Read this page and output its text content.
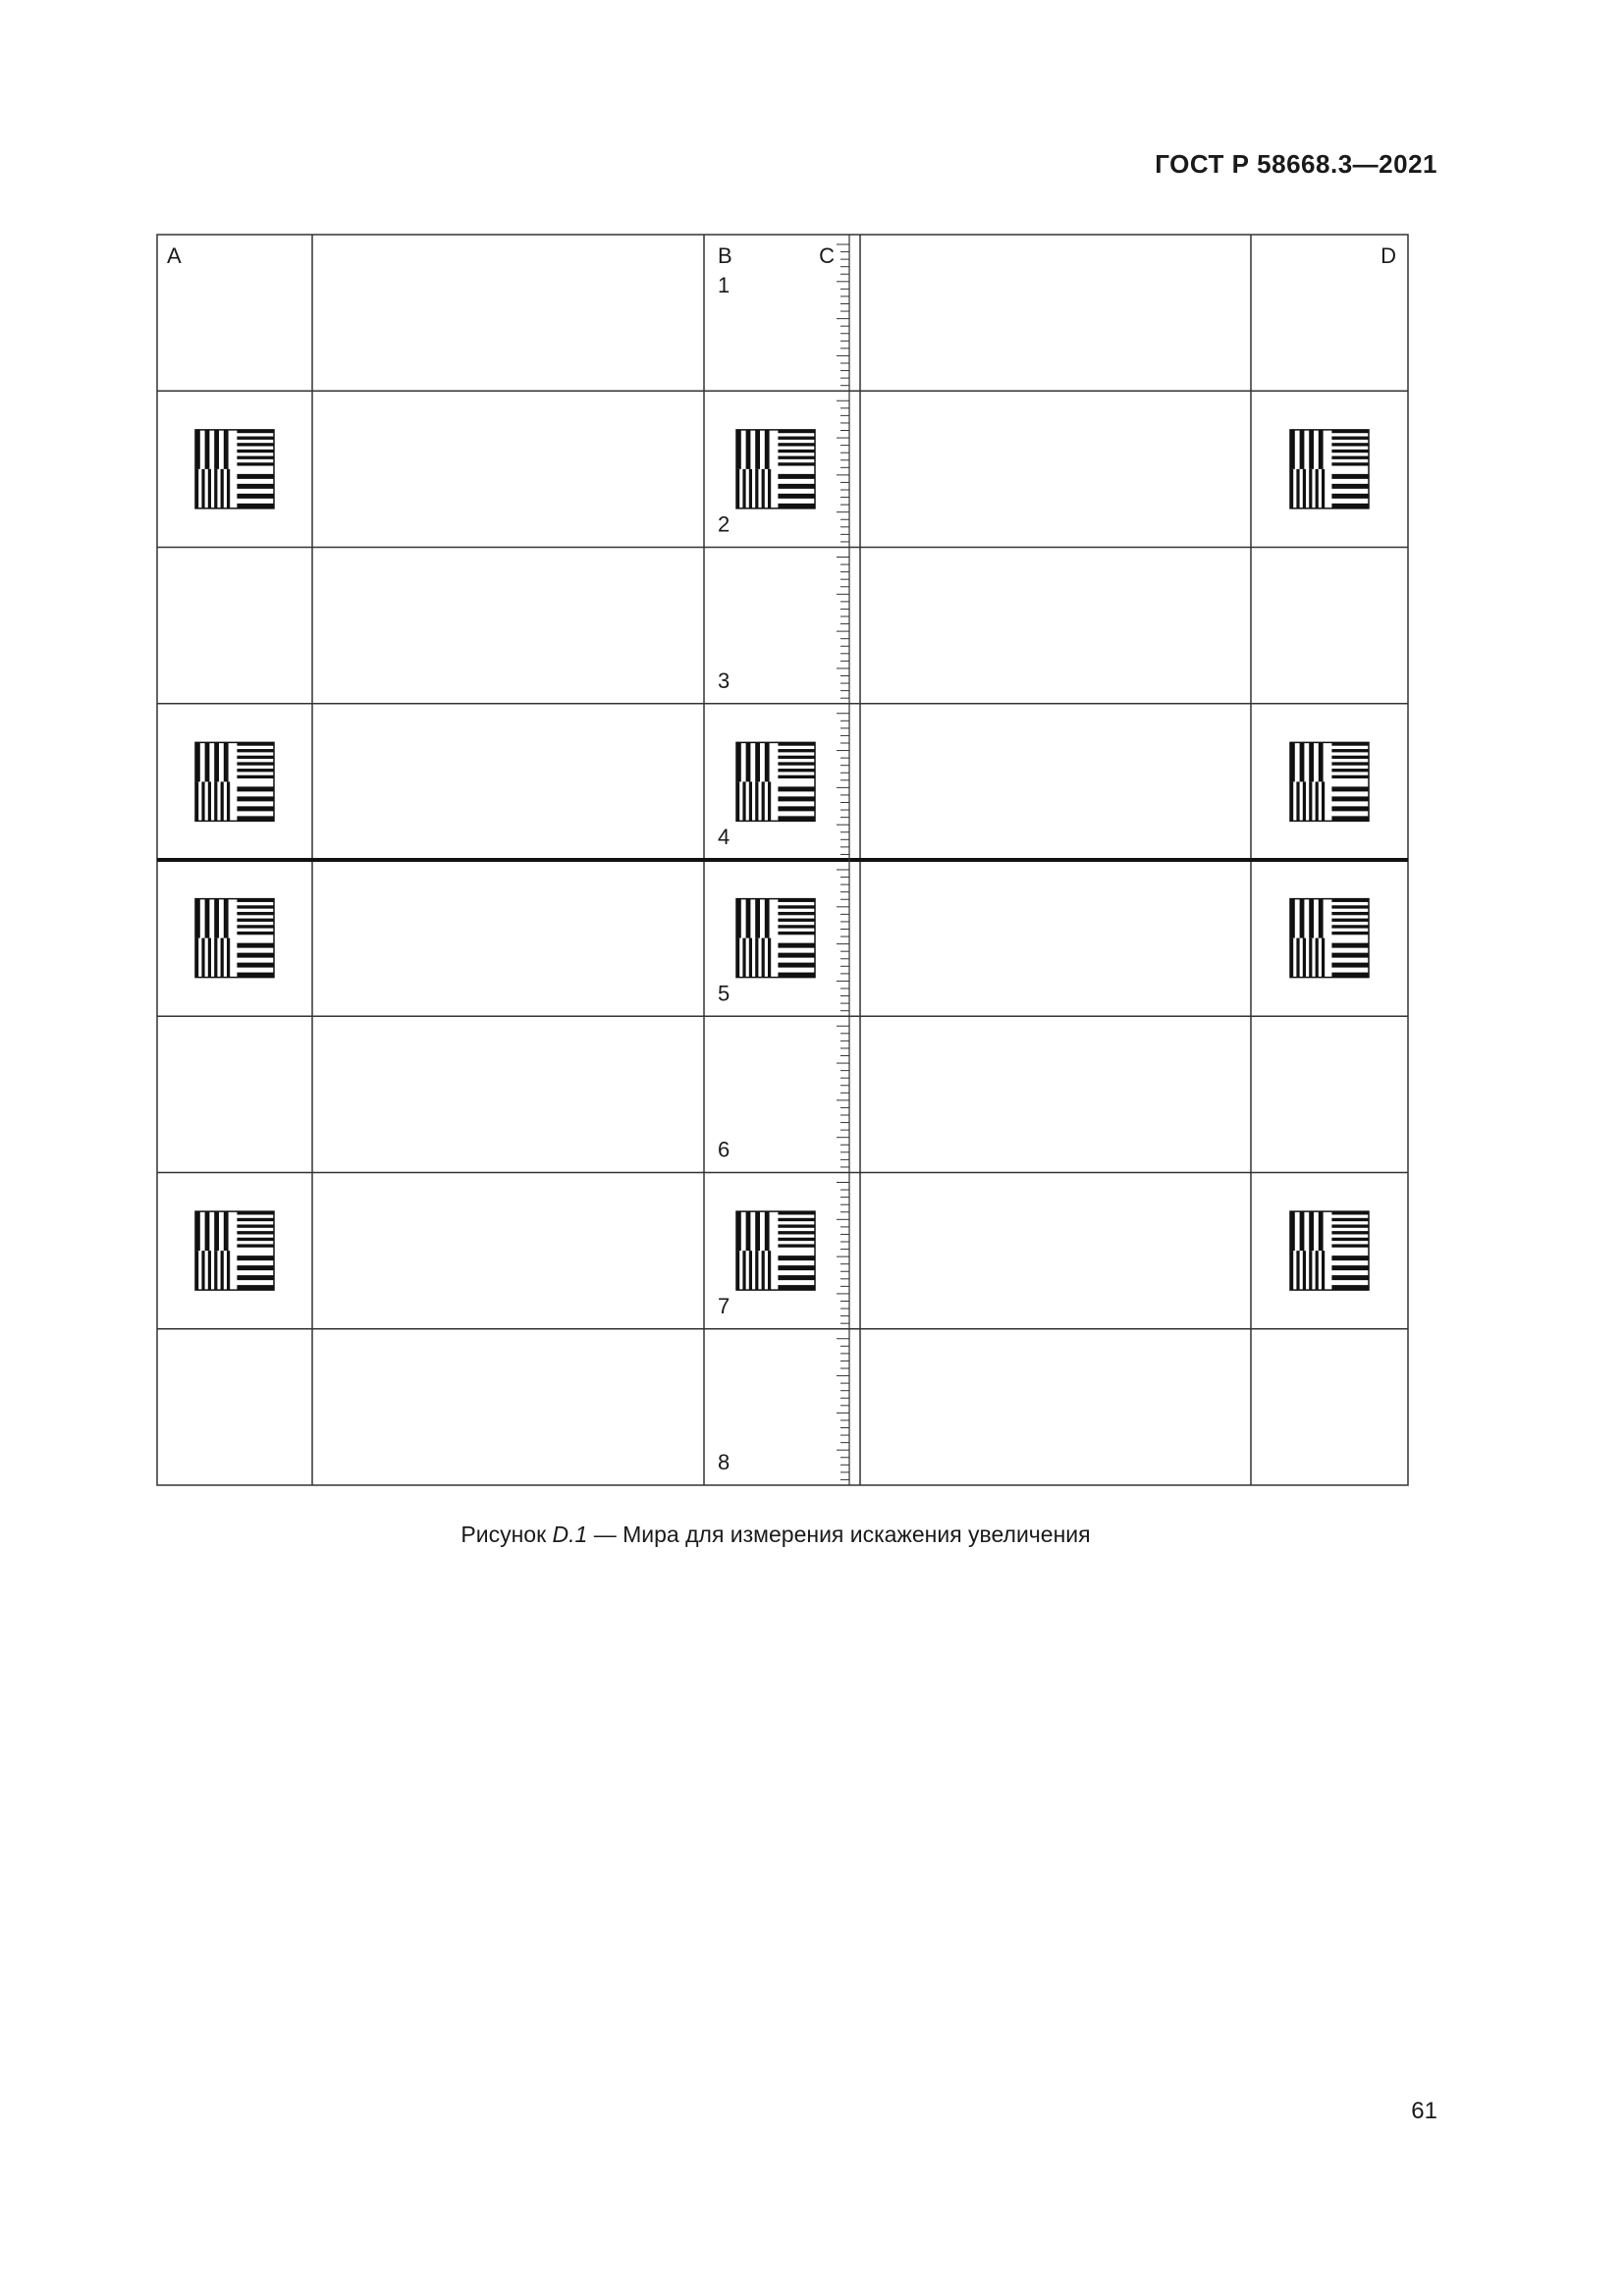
ГОСТ Р 58668.3—2021
A	B	C	D
1
2
3
4
5
6
7
8
Рисунок D.1 — Мира для измерения искажения увеличения
61
